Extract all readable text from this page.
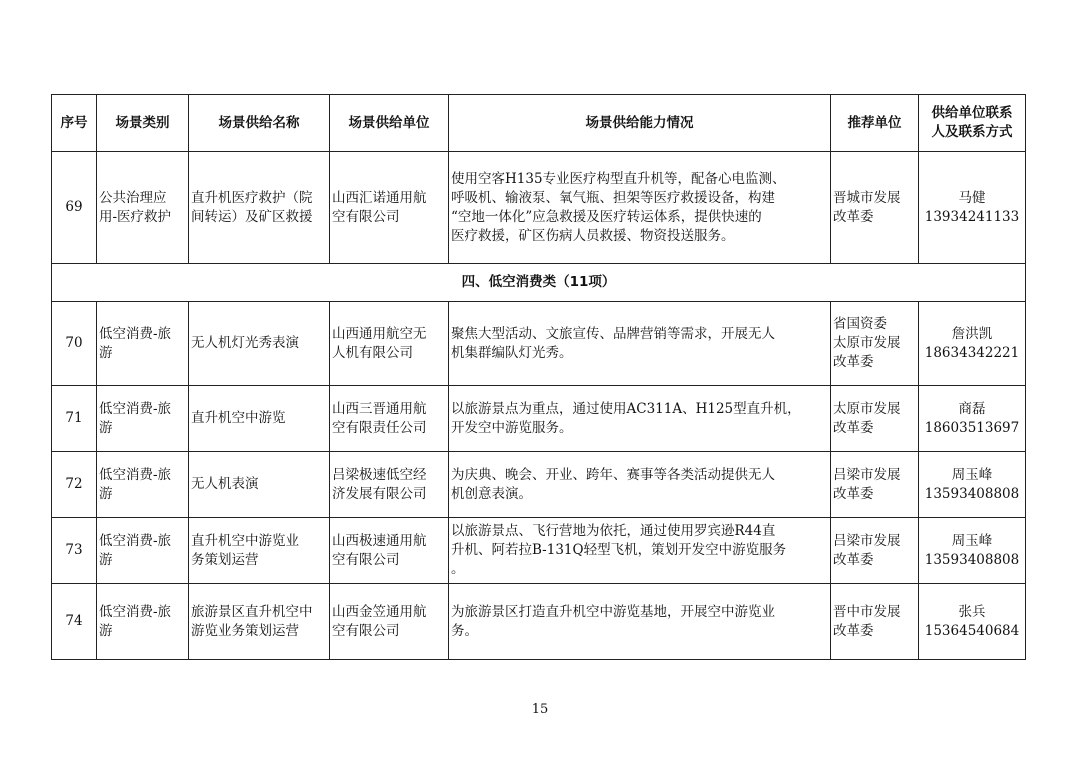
序号	场景类别	场景供给名称	场景供给单位	场景供给能力情况	推荐单位	供给单位联系
人及联系方式

69	公共治理应
用-医疗救护	直升机医疗救护（院
间转运）及矿区救援	山西汇诺通用航
空有限公司	使用空客H135专业医疗构型直升机等，配备心电监测、
呼吸机、输液泵、氧气瓶、担架等医疗救援设备，构建
“空地一体化”应急救援及医疗转运体系，提供快速的
医疗救援，矿区伤病人员救援、物资投送服务。	晋城市发展
改革委	马健
13934241133

四、低空消费类（11项）						
70	低空消费-旅
游	无人机灯光秀表演	山西通用航空无
人机有限公司	聚焦大型活动、文旅宣传、品牌营销等需求，开展无人
机集群编队灯光秀。	省国资委
太原市发展
改革委	詹洪凯
18634342221

71	低空消费-旅
游	直升机空中游览	山西三晋通用航
空有限责任公司	以旅游景点为重点，通过使用AC311A、H125型直升机，
开发空中游览服务。	太原市发展
改革委	商磊
18603513697

72	低空消费-旅
游	无人机表演	吕梁极速低空经
济发展有限公司	为庆典、晚会、开业、跨年、赛事等各类活动提供无人
机创意表演。	吕梁市发展
改革委	周玉峰
13593408808

73	低空消费-旅
游	直升机空中游览业
务策划运营	山西极速通用航
空有限公司	以旅游景点、飞行营地为依托，通过使用罗宾逊R44直
升机、阿若拉B-131Q轻型飞机，策划开发空中游览服务
。	吕梁市发展
改革委	周玉峰
13593408808

74	低空消费-旅
游	旅游景区直升机空中
游览业务策划运营	山西金笠通用航
空有限公司	为旅游景区打造直升机空中游览基地，开展空中游览业
务。	晋中市发展
改革委	张兵
15364540684
15
